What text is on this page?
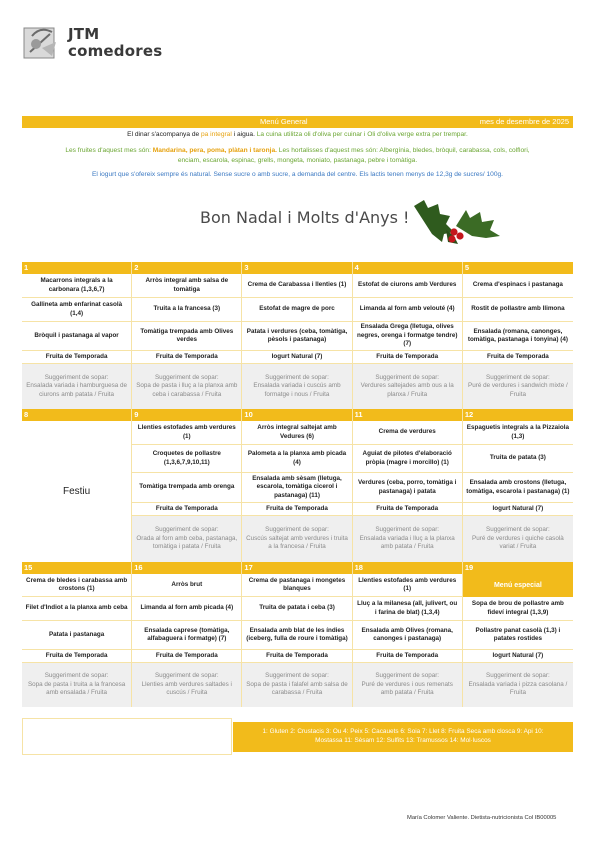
JTM
comedores
Menú General	mes de desembre de 2025
El dinar s'acompanya de pa integral i aigua. La cuina utilitza oli d'oliva per cuinar i Oli d'oliva verge extra per trempar.
Les fruites d'aquest mes són: Mandarina, pera, poma, plàtan i taronja. Les hortalisses d'aquest mes són: Albergínia, bledes, bròquil, carabassa, cols, colflori,
enciam, escarola, espinac, grells, mongeta, moniato, pastanaga, pebre i tomàtiga.
El iogurt que s'ofereix sempre és natural. Sense sucre o amb sucre, a demanda del centre. Els lactis tenen menys de 12,3g de sucres/ 100g.
Bon Nadal i Molts d'Anys !
1
Macarrons integrals a la carbonara (1,3,6,7)
Gallineta amb enfarinat casolà (1,4)
Bròquil i pastanaga al vapor
Fruita de Temporada
Suggeriment de sopar:
Ensalada variada i hamburguesa de ciurons amb patata / Fruita
2
Arròs integral amb salsa de tomàtiga
Truita a la francesa (3)
Tomàtiga trempada amb Olives verdes
Fruita de Temporada
Suggeriment de sopar:
Sopa de pasta i lluç a la planxa amb ceba i carabassa / Fruita
3
Crema de Carabassa i llenties (1)
Estofat de magre de porc
Patata i verdures (ceba, tomàtiga, pèsols i pastanaga)
Iogurt Natural (7)
Suggeriment de sopar:
Ensalada variada i cuscús amb formatge i nous / Fruita
4
Estofat de ciurons amb Verdures
Limanda al forn amb velouté (4)
Ensalada Grega (lletuga, olives negres, orenga i formatge tendre) (7)
Fruita de Temporada
Suggeriment de sopar:
Verdures saltejades amb ous a la planxa / Fruita
5
Crema d'espinacs i pastanaga
Rostit de pollastre amb llimona
Ensalada (romana, canonges, tomàtiga, pastanaga i tonyina) (4)
Fruita de Temporada
Suggeriment de sopar:
Puré de verdures i sandwich mixte / Fruita
8
Festiu
9
Llenties estofades amb verdures (1)
Croquetes de pollastre (1,3,6,7,9,10,11)
Tomàtiga trempada amb orenga
Fruita de Temporada
Suggeriment de sopar:
Orada al forn amb ceba, pastanaga, tomàtiga i patata / Fruita
10
Arròs integral saltejat amb Vedures (6)
Palometa a la planxa amb picada (4)
Ensalada amb sèsam (lletuga, escarola, tomàtiga ciceroI i pastanaga) (11)
Fruita de Temporada
Suggeriment de sopar:
Cuscús saltejat amb verdures i truita a la francesa / Fruita
11
Crema de verdures
Aguiat de pilotes d'elaboració pròpia (magre i morcillo) (1)
Verdures (ceba, porro, tomàtiga i pastanaga) i patata
Fruita de Temporada
Suggeriment de sopar:
Ensalada variada i lluç a la planxa amb patata / Fruita
12
Espaguetis integrals a la Pizzaiola (1,3)
Truita de patata (3)
Ensalada amb crostons (lletuga, tomàtiga, escarola i pastanaga) (1)
Iogurt Natural (7)
Suggeriment de sopar:
Puré de verdures i quiche casolà variat / Fruita
15
Crema de bledes i carabassa amb crostons (1)
Filet d'Indiot a la planxa amb ceba
Patata i pastanaga
Fruita de Temporada
Suggeriment de sopar:
Sopa de pasta i truita a la francesa amb ensalada / Fruita
16
Arròs brut
Limanda al forn amb picada (4)
Ensalada caprese (tomàtiga, alfabaguera i formatge) (7)
Fruita de Temporada
Suggeriment de sopar:
Llenties amb verdures saltades i cuscús / Fruita
17
Crema de pastanaga i mongetes blanques
Truita de patata i ceba (3)
Ensalada amb blat de les índies (iceberg, fulla de roure i tomàtiga)
Fruita de Temporada
Suggeriment de sopar:
Sopa de pasta i falafel amb salsa de carabassa / Fruita
18
Llenties estofades amb verdures (1)
Lluç a la milanesa (all, julivert, ou i farina de blat) (1,3,4)
Ensalada amb Olives (romana, canonges i pastanaga)
Fruita de Temporada
Suggeriment de sopar:
Puré de verdures i ous remenats amb patata / Fruita
19
Menú especial
Sopa de brou de pollastre amb fideví integral (1,3,9)
Pollastre panat casolà (1,3) i patates rostides
Iogurt Natural (7)
Suggeriment de sopar:
Ensalada variada i pizza casolana / Fruita
1: Gluten 2: Crustacis 3: Ou 4: Peix 5: Cacauets 6: Soia 7: Llet 8: Fruita Seca amb closca 9: Api 10:
Mostassa 11: Sèsam 12: Sulfits 13: Tramussos 14: Mol·luscos
María Colomer Valiente. Dietista-nutricionista Col IB00005
